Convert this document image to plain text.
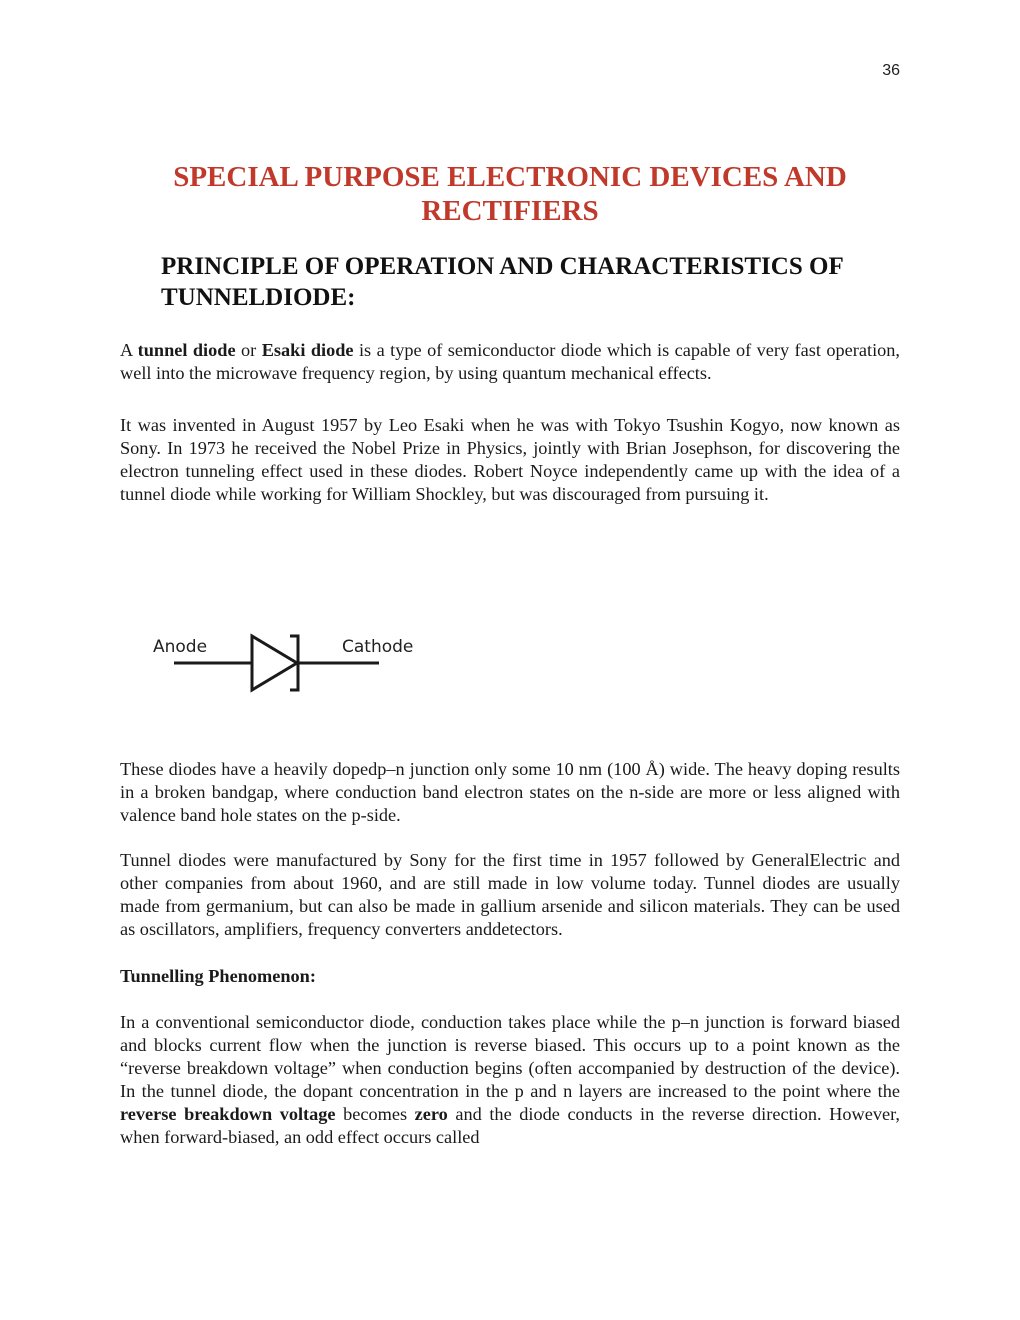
36
SPECIAL PURPOSE ELECTRONIC DEVICES AND
RECTIFIERS
PRINCIPLE OF OPERATION AND CHARACTERISTICS OF
TUNNELDIODE:

A tunnel diode or Esaki diode is a type of semiconductor diode which is capable of very fast operation, well into the microwave frequency region, by using quantum mechanical effects.

It was invented in August 1957 by Leo Esaki when he was with Tokyo Tsushin Kogyo, now known as Sony. In 1973 he received the Nobel Prize in Physics, jointly with Brian Josephson, for discovering the electron tunneling effect used in these diodes. Robert Noyce independently came up with the idea of a tunnel diode while working for William Shockley, but was discouraged from pursuing it.

Anode	Cathode

These diodes have a heavily dopedp–n junction only some 10 nm (100 Å) wide. The heavy doping results in a broken bandgap, where conduction band electron states on the n-side are more or less aligned with valence band hole states on the p-side.

Tunnel diodes were manufactured by Sony for the first time in 1957 followed by GeneralElectric and other companies from about 1960, and are still made in low volume today. Tunnel diodes are usually made from germanium, but can also be made in gallium arsenide and silicon materials. They can be used as oscillators, amplifiers, frequency converters anddetectors.

Tunnelling Phenomenon:

In a conventional semiconductor diode, conduction takes place while the p–n junction is forward biased and blocks current flow when the junction is reverse biased. This occurs up to a point known as the “reverse breakdown voltage” when conduction begins (often accompanied by destruction of the device). In the tunnel diode, the dopant concentration in the p and n layers are increased to the point where the reverse breakdown voltage becomes zero and the diode conducts in the reverse direction. However, when forward-biased, an odd effect occurs called
